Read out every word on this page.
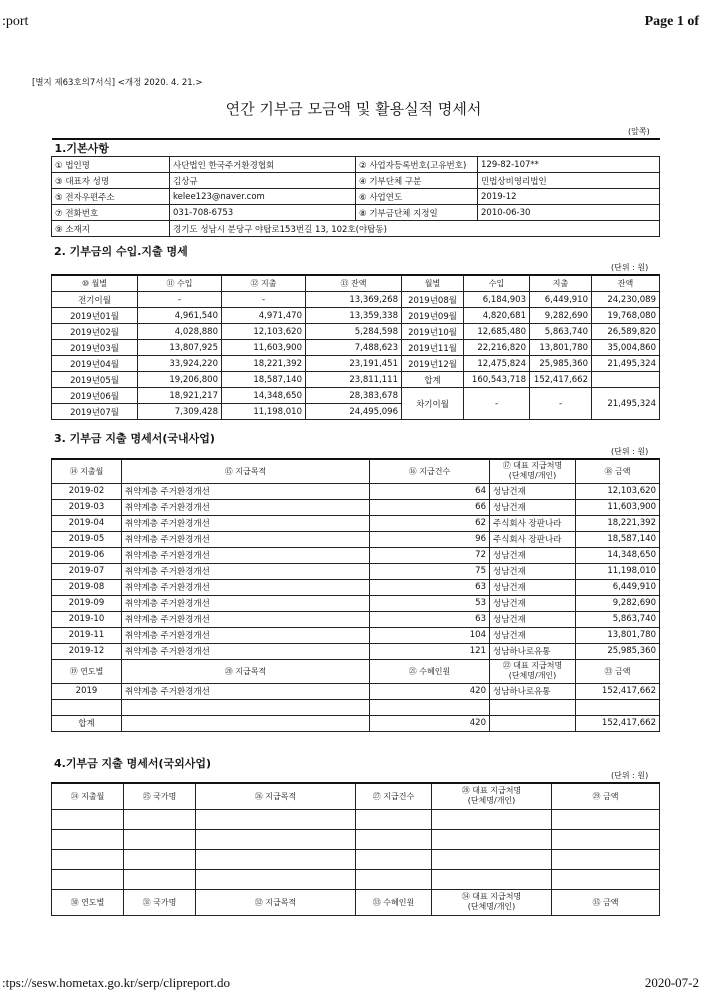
:port	Page 1 of
:tps://sesw.hometax.go.kr/serp/clipreport.do	2020-07-2
[별지 제63호의7서식] <개정 2020. 4. 21.>
연간 기부금 모금액 및 활용실적 명세서
(앞쪽)
1.기본사항			
① 법인명	사단법인 한국주거환경협회	② 사업자등록번호(고유번호)	129-82-107**
③ 대표자 성명	김상규	④ 기부단체 구분	민법상비영리법인
⑤ 전자우편주소	kelee123@naver.com	⑥ 사업연도	2019-12
⑦ 전화번호	031-708-6753	⑧ 기부금단체 지정일	2010-06-30
⑨ 소재지	경기도 성남시 분당구 야탑로153번길 13, 102호(야탑동)		
2. 기부금의 수입.지출 명세
(단위 : 원)
⑩ 월별	⑪ 수입	⑫ 지출	⑬ 잔액	월별	수입	지출	잔액
전기이월	-	-	13,369,268	2019년08월	6,184,903	6,449,910	24,230,089
2019년01월	4,961,540	4,971,470	13,359,338	2019년09월	4,820,681	9,282,690	19,768,080
2019년02월	4,028,880	12,103,620	5,284,598	2019년10월	12,685,480	5,863,740	26,589,820
2019년03월	13,807,925	11,603,900	7,488,623	2019년11월	22,216,820	13,801,780	35,004,860
2019년04월	33,924,220	18,221,392	23,191,451	2019년12월	12,475,824	25,985,360	21,495,324
2019년05월	19,206,800	18,587,140	23,811,111	합계	160,543,718	152,417,662	
2019년06월	18,921,217	14,348,650	28,383,678	차기이월	-	-	21,495,324
2019년07월	7,309,428	11,198,010	24,495,096				
3. 기부금 지출 명세서(국내사업)
(단위 : 원)
⑭ 지출월	⑮ 지급목적	⑯ 지급건수	⑰ 대표 지급처명
(단체명/개인)	⑱ 금액
2019-02	취약계층 주거환경개선	64	성남건재	12,103,620
2019-03	취약계층 주거환경개선	66	성남건재	11,603,900
2019-04	취약계층 주거환경개선	62	주식회사 장판나라	18,221,392
2019-05	취약계층 주거환경개선	96	주식회사 장판나라	18,587,140
2019-06	취약계층 주거환경개선	72	성남건재	14,348,650
2019-07	취약계층 주거환경개선	75	성남건재	11,198,010
2019-08	취약계층 주거환경개선	63	성남건재	6,449,910
2019-09	취약계층 주거환경개선	53	성남건재	9,282,690
2019-10	취약계층 주거환경개선	63	성남건재	5,863,740
2019-11	취약계층 주거환경개선	104	성남건재	13,801,780
2019-12	취약계층 주거환경개선	121	성남하나로유통	25,985,360
⑲ 연도별	⑳ 지급목적	㉑ 수혜인원	㉒ 대표 지급처명
(단체명/개인)	㉓ 금액
2019	취약계층 주거환경개선	420	성남하나로유통	152,417,662

합계		420		152,417,662
4.기부금 지출 명세서(국외사업)
(단위 : 원)
㉔ 지출월	㉕ 국가명	㉖ 지급목적	㉗ 지급건수	㉘ 대표 지급처명
(단체명/개인)	㉙ 금액

㉚ 연도별	㉛ 국가명	㉜ 지급목적	㉝ 수혜인원	㉞ 대표 지급처명
(단체명/개인)	㉟ 금액
